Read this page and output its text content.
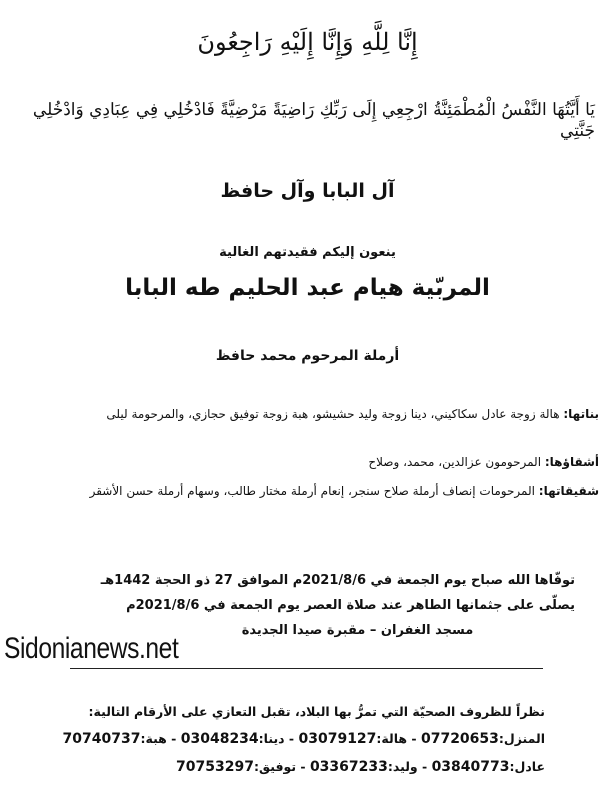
إِنَّا لِلَّهِ وَإِنَّا إِلَيْهِ رَاجِعُونَ
يَا أَيَّتُهَا النَّفْسُ الْمُطْمَئِنَّةُ ارْجِعِي إِلَى رَبِّكِ رَاضِيَةً مَرْضِيَّةً فَادْخُلِي فِي عِبَادِي وَادْخُلِي جَنَّتِي
آل البابا وآل حافظ
ينعون إليكم فقيدتهم الغالية
المربّية هيام عبد الحليم طه البابا
أرملة المرحوم محمد حافظ
بناتها: هالة زوجة عادل سكاكيني، دينا زوجة وليد حشيشو، هبة زوجة توفيق حجازي، والمرحومة ليلى
أشقاؤها: المرحومون عزالدين، محمد، وصلاح
شقيقاتها: المرحومات إنصاف أرملة صلاح سنجر، إنعام أرملة مختار طالب، وسهام أرملة حسن الأشقر
توفّاها الله صباح يوم الجمعة في 2021/8/6م الموافق 27 ذو الحجة 1442هـ
يصلّى على جثمانها الطاهر عند صلاة العصر يوم الجمعة في 2021/8/6م
مسجد الغفران – مقبرة صيدا الجديدة
نظراً للظروف الصحيّة التي تمرُّ بها البلاد، تقبل التعازي على الأرقام التالية:
المنزل:07720653 - هالة:03079127 - دينا:03048234 - هبة:70740737
عادل:03840773 - وليد:03367233 - توفيق:70753297
Sidonianews.net
